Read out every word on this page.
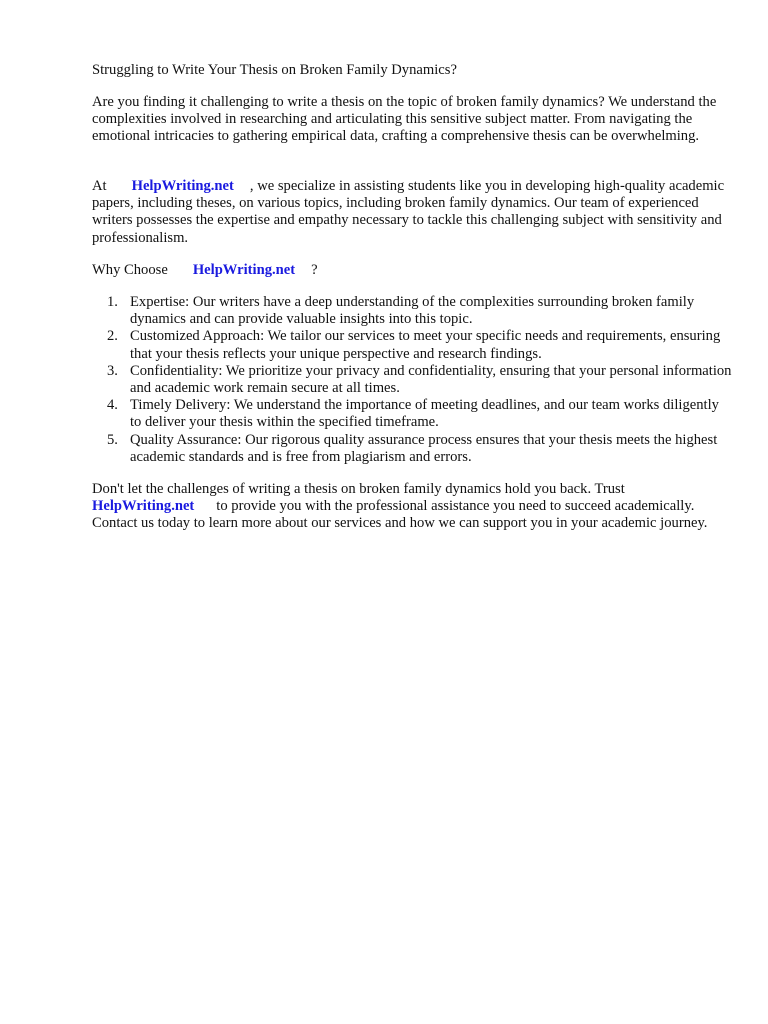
Struggling to Write Your Thesis on Broken Family Dynamics?

Are you finding it challenging to write a thesis on the topic of broken family dynamics? We understand the complexities involved in researching and articulating this sensitive subject matter. From navigating the emotional intricacies to gathering empirical data, crafting a comprehensive thesis can be overwhelming.

At HelpWriting.net , we specialize in assisting students like you in developing high-quality academic papers, including theses, on various topics, including broken family dynamics. Our team of experienced writers possesses the expertise and empathy necessary to tackle this challenging subject with sensitivity and professionalism.

Why Choose HelpWriting.net ?

1. Expertise: Our writers have a deep understanding of the complexities surrounding broken family dynamics and can provide valuable insights into this topic.
2. Customized Approach: We tailor our services to meet your specific needs and requirements, ensuring that your thesis reflects your unique perspective and research findings.
3. Confidentiality: We prioritize your privacy and confidentiality, ensuring that your personal information and academic work remain secure at all times.
4. Timely Delivery: We understand the importance of meeting deadlines, and our team works diligently to deliver your thesis within the specified timeframe.
5. Quality Assurance: Our rigorous quality assurance process ensures that your thesis meets the highest academic standards and is free from plagiarism and errors.

Don't let the challenges of writing a thesis on broken family dynamics hold you back. Trust
HelpWriting.net to provide you with the professional assistance you need to succeed academically. Contact us today to learn more about our services and how we can support you in your academic journey.
